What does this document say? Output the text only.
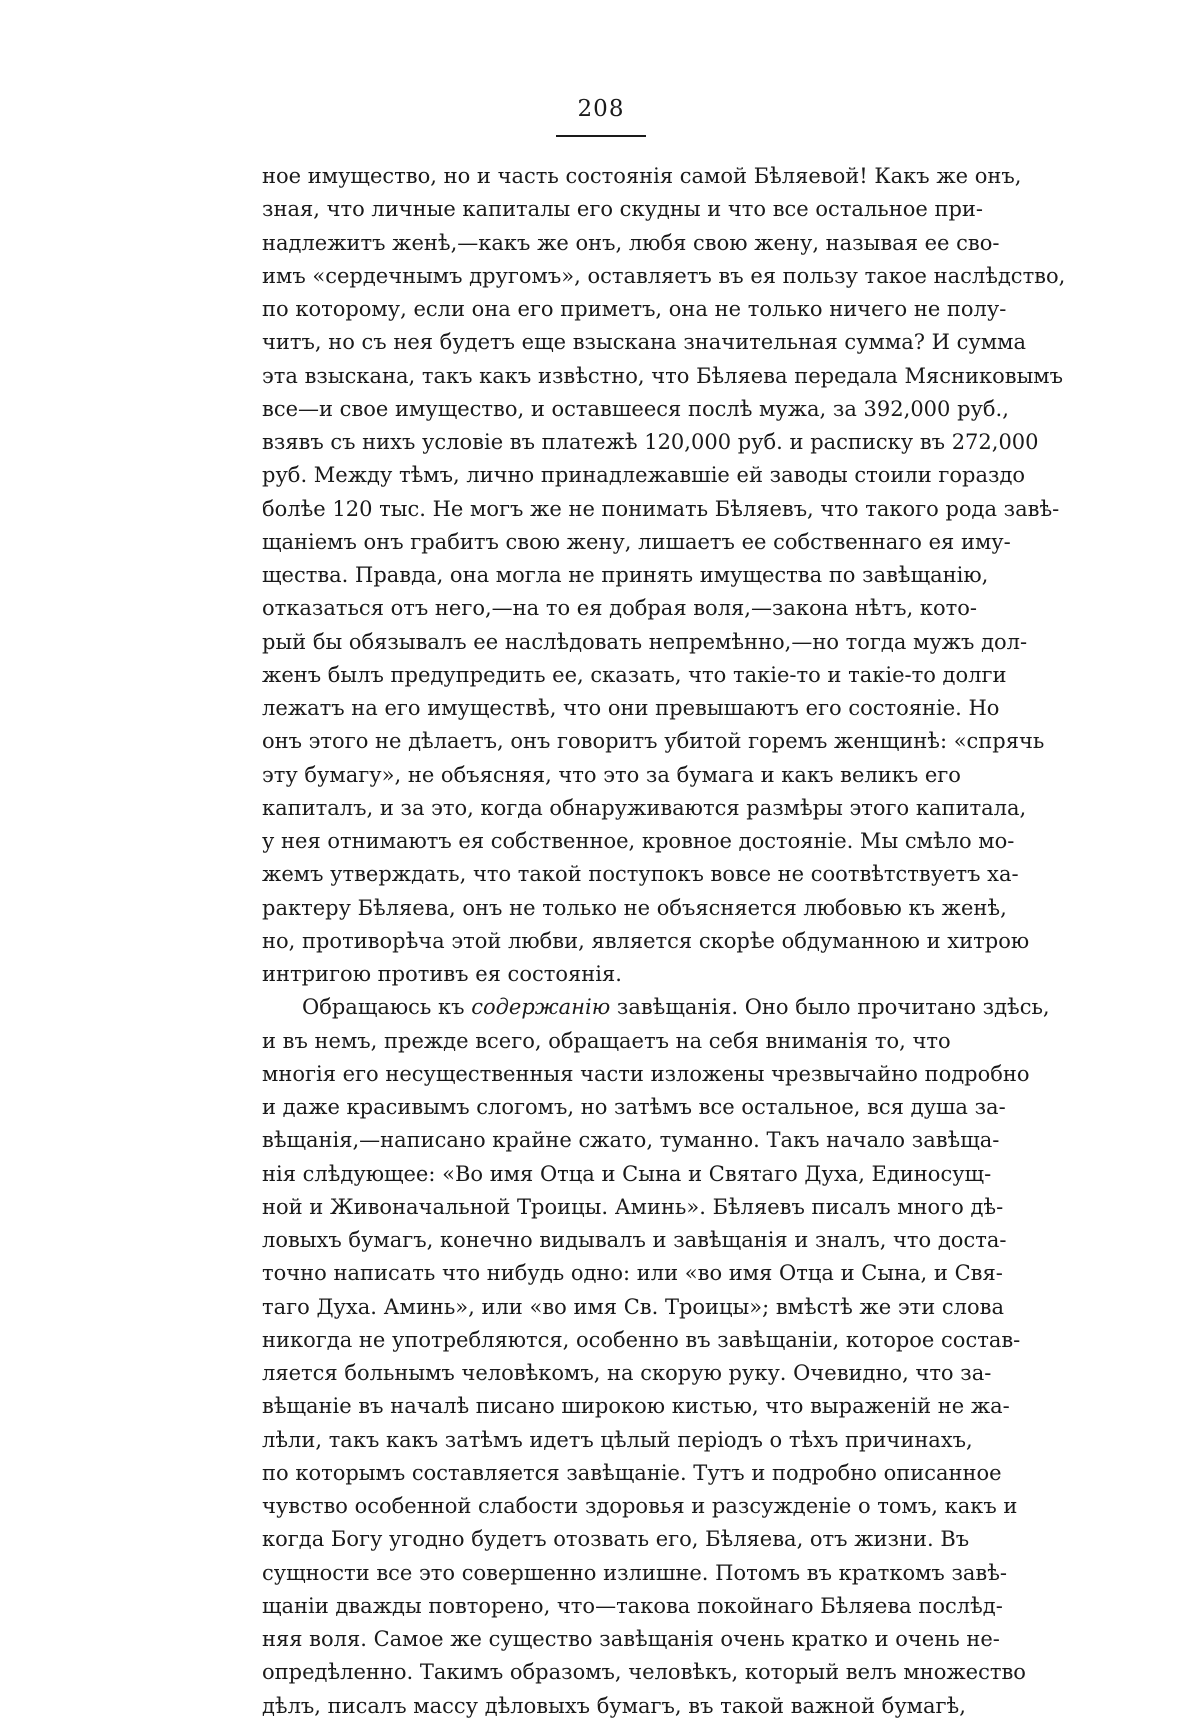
208
ное имущество, но и часть состоянія самой Бѣляевой! Какъ же онъ,
зная, что личные капиталы его скудны и что все остальное при-
надлежитъ женѣ,—какъ же онъ, любя свою жену, называя ее сво-
имъ «сердечнымъ другомъ», оставляетъ въ ея пользу такое наслѣдство,
по которому, если она его приметъ, она не только ничего не полу-
читъ, но съ нея будетъ еще взыскана значительная сумма? И сумма
эта взыскана, такъ какъ извѣстно, что Бѣляева передала Мясниковымъ
все—и свое имущество, и оставшееся послѣ мужа, за 392,000 руб.,
взявъ съ нихъ условіе въ платежѣ 120,000 руб. и расписку въ 272,000
руб. Между тѣмъ, лично принадлежавшіе ей заводы стоили гораздо
болѣе 120 тыс. Не могъ же не понимать Бѣляевъ, что такого рода завѣ-
щаніемъ онъ грабитъ свою жену, лишаетъ ее собственнаго ея иму-
щества. Правда, она могла не принять имущества по завѣщанію,
отказаться отъ него,—на то ея добрая воля,—закона нѣтъ, кото-
рый бы обязывалъ ее наслѣдовать непремѣнно,—но тогда мужъ дол-
женъ былъ предупредить ее, сказать, что такіе-то и такіе-то долги
лежатъ на его имуществѣ, что они превышаютъ его состояніе. Но
онъ этого не дѣлаетъ, онъ говоритъ убитой горемъ женщинѣ: «спрячь
эту бумагу», не объясняя, что это за бумага и какъ великъ его
капиталъ, и за это, когда обнаруживаются размѣры этого капитала,
у нея отнимаютъ ея собственное, кровное достояніе. Мы смѣло мо-
жемъ утверждать, что такой поступокъ вовсе не соотвѣтствуетъ ха-
рактеру Бѣляева, онъ не только не объясняется любовью къ женѣ,
но, противорѣча этой любви, является скорѣе обдуманною и хитрою
интригою противъ ея состоянія.
Обращаюсь къ содержанію завѣщанія. Оно было прочитано здѣсь,
и въ немъ, прежде всего, обращаетъ на себя вниманія то, что
многія его несущественныя части изложены чрезвычайно подробно
и даже красивымъ слогомъ, но затѣмъ все остальное, вся душа за-
вѣщанія,—написано крайне сжато, туманно. Такъ начало завѣща-
нія слѣдующее: «Во имя Отца и Сына и Святаго Духа, Единосущ-
ной и Живоначальной Троицы. Аминь». Бѣляевъ писалъ много дѣ-
ловыхъ бумагъ, конечно видывалъ и завѣщанія и зналъ, что доста-
точно написать что нибудь одно: или «во имя Отца и Сына, и Свя-
таго Духа. Аминь», или «во имя Св. Троицы»; вмѣстѣ же эти слова
никогда не употребляются, особенно въ завѣщаніи, которое состав-
ляется больнымъ человѣкомъ, на скорую руку. Очевидно, что за-
вѣщаніе въ началѣ писано широкою кистью, что выраженій не жа-
лѣли, такъ какъ затѣмъ идетъ цѣлый періодъ о тѣхъ причинахъ,
по которымъ составляется завѣщаніе. Тутъ и подробно описанное
чувство особенной слабости здоровья и разсужденіе о томъ, какъ и
когда Богу угодно будетъ отозвать его, Бѣляева, отъ жизни. Въ
сущности все это совершенно излишне. Потомъ въ краткомъ завѣ-
щаніи дважды повторено, что—такова покойнаго Бѣляева послѣд-
няя воля. Самое же существо завѣщанія очень кратко и очень не-
опредѣленно. Такимъ образомъ, человѣкъ, который велъ множество
дѣлъ, писалъ массу дѣловыхъ бумагъ, въ такой важной бумагѣ,
